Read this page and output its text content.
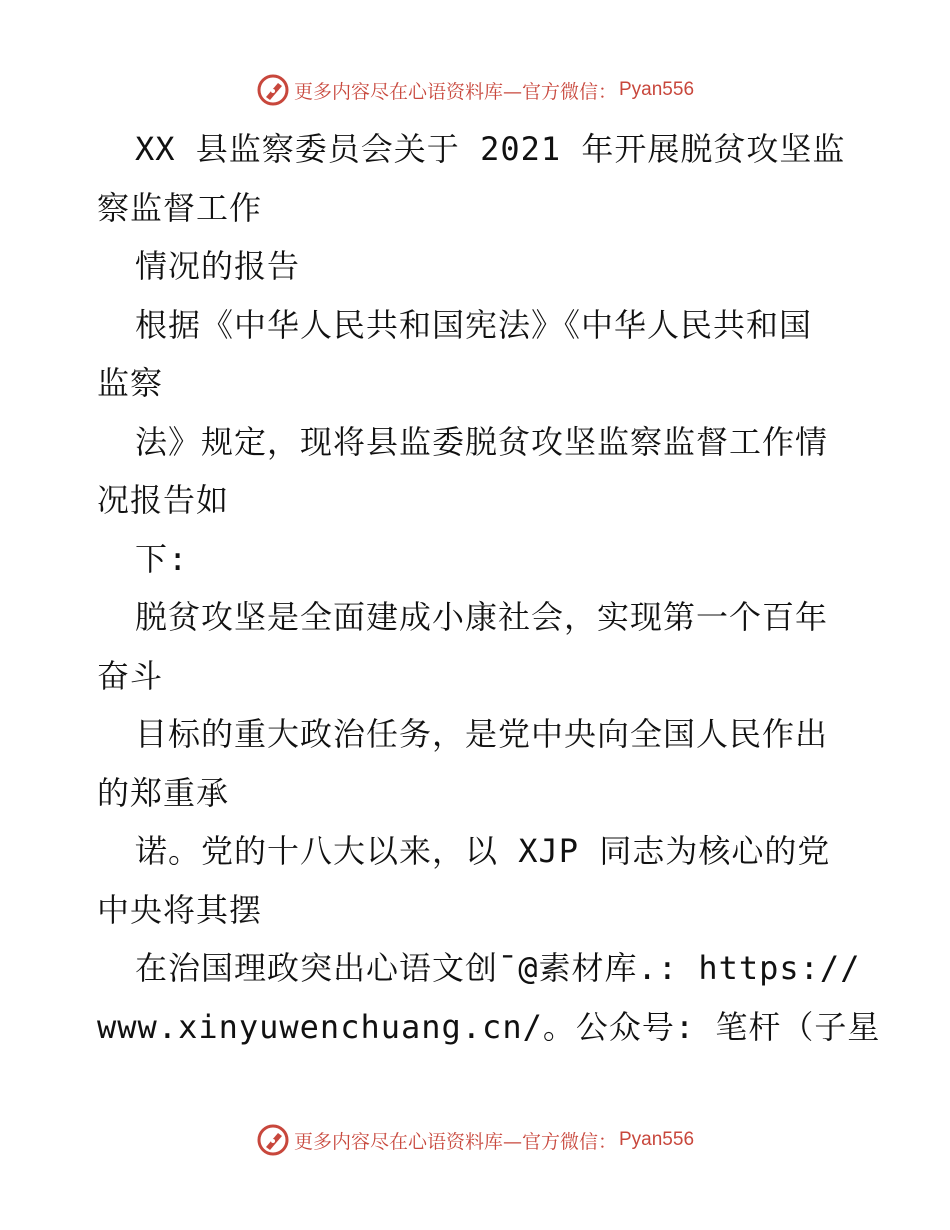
更多内容尽在心语资料库—官方微信： Pyan556
XX 县监察委员会关于 2021 年开展脱贫攻坚监
察监督工作
情况的报告
根据《中华人民共和国宪法》《中华人民共和国
监察
法》规定，现将县监委脱贫攻坚监察监督工作情
况报告如
下:
脱贫攻坚是全面建成小康社会，实现第一个百年
奋斗
目标的重大政治任务，是党中央向全国人民作出
的郑重承
诺。党的十八大以来，以 XJP 同志为核心的党
中央将其摆
在治国理政突出心语文创¯@素材库.: https://
www.xinyuwenchuang.cn/。公众号: 笔杆（子星
更多内容尽在心语资料库—官方微信： Pyan556
